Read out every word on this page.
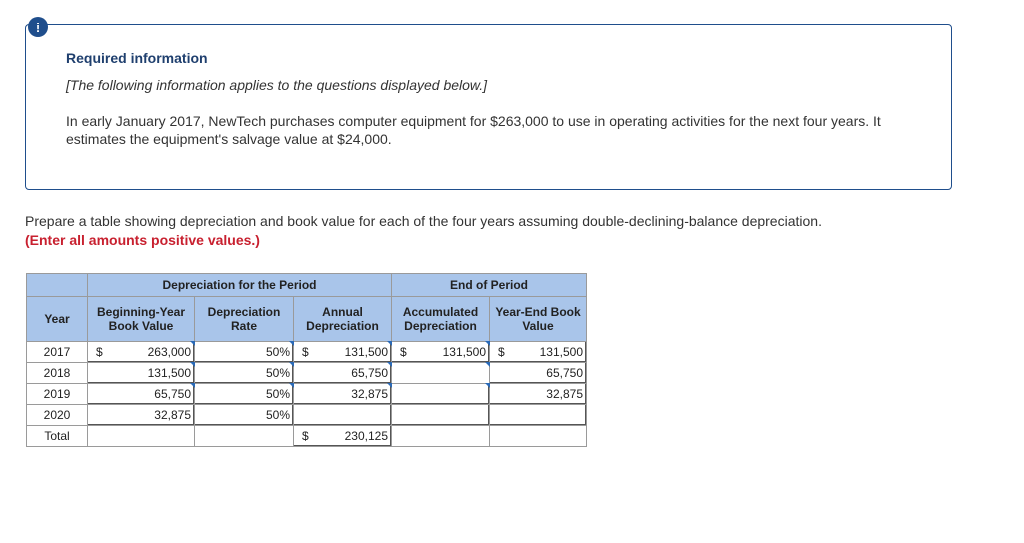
!
Required information
[The following information applies to the questions displayed below.]
In early January 2017, NewTech purchases computer equipment for $263,000 to use in operating activities for the next four years. It estimates the equipment's salvage value at $24,000.
Prepare a table showing depreciation and book value for each of the four years assuming double-declining-balance depreciation.
(Enter all amounts positive values.)
	Depreciation for the Period			End of Period	
Year	Beginning-Year Book Value	Depreciation Rate	Annual Depreciation	Accumulated Depreciation	Year-End Book Value
2017	$ 263,000	50%	$ 131,500	$ 131,500	$ 131,500

2018	131,500	50%	65,750		65,750

2019	65,750	50%	32,875		32,875

2020	32,875	50%			

Total			$ 230,125		
